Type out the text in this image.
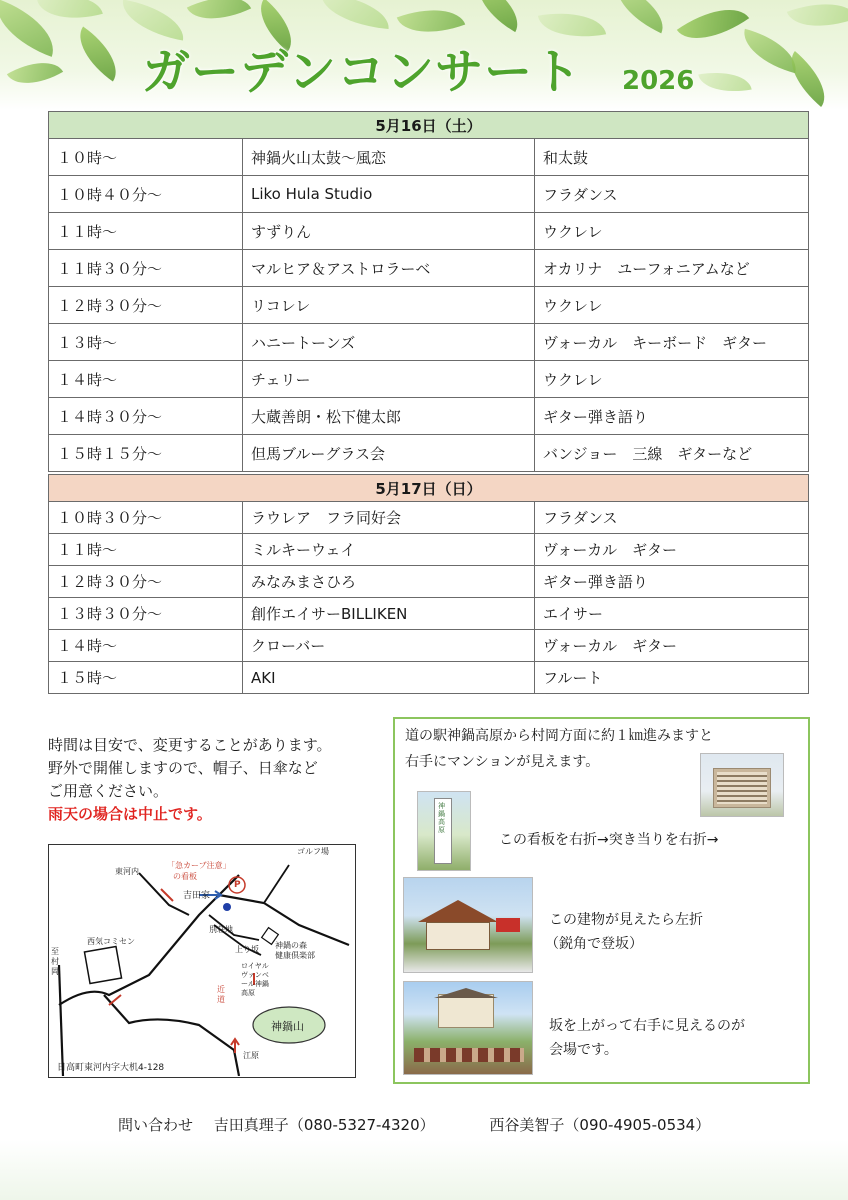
ガーデンコンサート 2026
5月16日（土）		
１０時～	神鍋火山太鼓～風恋	和太鼓
１０時４０分～	Liko Hula Studio	フラダンス
１１時～	すずりん	ウクレレ
１１時３０分～	マルヒア＆アストロラーベ	オカリナ　ユーフォニアムなど
１２時３０分～	リコレレ	ウクレレ
１３時～	ハニートーンズ	ヴォーカル　キーボード　ギター
１４時～	チェリー	ウクレレ
１４時３０分～	大蔵善朗・松下健太郎	ギター弾き語り
１５時１５分～	但馬ブルーグラス会	バンジョー　三線　ギターなど
5月17日（日）		
１０時３０分～	ラウレア　フラ同好会	フラダンス
１１時～	ミルキーウェイ	ヴォーカル　ギター
１２時３０分～	みなみまさひろ	ギター弾き語り
１３時３０分～	創作エイサーBILLIKEN	エイサー
１４時～	クローバー	ヴォーカル　ギター
１５時～	AKI	フルート
時間は目安で、変更することがあります。
野外で開催しますので、帽子、日傘など
ご用意ください。
雨天の場合は中止です。
ゴルフ場
東河内
「急カーブ注意」
の看板
P
吉田家
別荘地
上り坂 神鍋の森
健康倶楽部
ロイヤル
ヴァンベ
ール神鍋
高原
至村岡
西気コミセン
近道
神鍋山
江原
日高町東河内字大机4-128
道の駅神鍋高原から村岡方面に約１㎞進みますと
右手にマンションが見えます。
神鍋高原
この看板を右折→突き当りを右折→
この建物が見えたら左折
（鋭角で登坂）
坂を上がって右手に見えるのが
会場です。
問い合わせ 吉田真理子（080-5327-4320）	西谷美智子（090-4905-0534）
